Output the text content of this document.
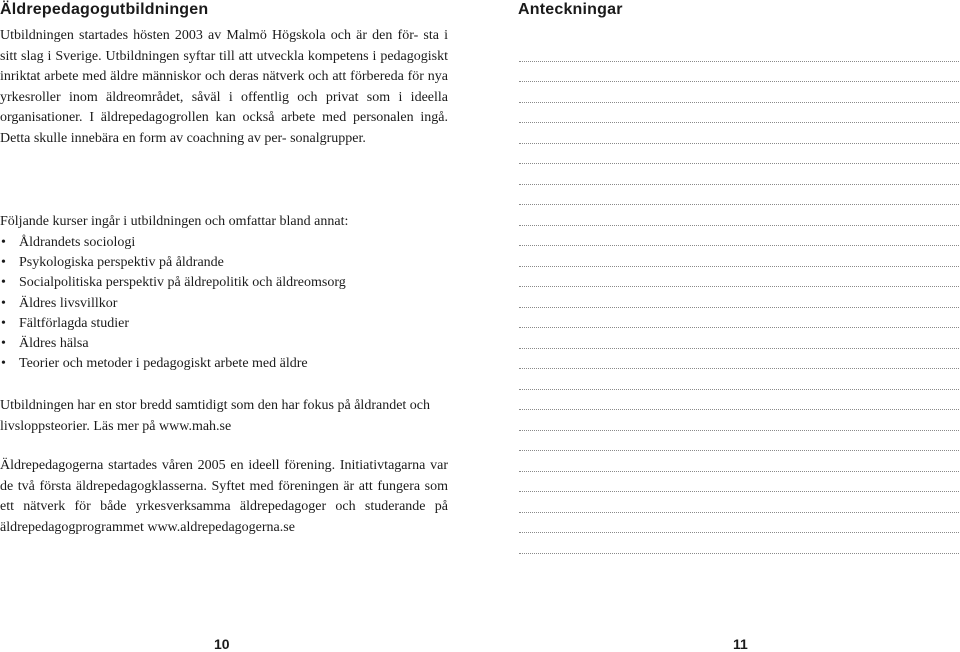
Äldrepedagogutbildningen

Utbildningen startades hösten 2003 av Malmö Högskola och är den för- sta i sitt slag i Sverige. Utbildningen syftar till att utveckla kompetens i pedagogiskt inriktat arbete med äldre människor och deras nätverk och att förbereda för nya yrkesroller inom äldreområdet, såväl i offentlig och privat som i ideella organisationer. I äldrepedagogrollen kan också arbete med personalen ingå. Detta skulle innebära en form av coachning av per- sonalgrupper.

Följande kurser ingår i utbildningen och omfattar bland annat:

• Åldrandets sociologi
• Psykologiska perspektiv på åldrande
• Socialpolitiska perspektiv på äldrepolitik och äldreomsorg
• Äldres livsvillkor
• Fältförlagda studier
• Äldres hälsa
• Teorier och metoder i pedagogiskt arbete med äldre

Utbildningen har en stor bredd samtidigt som den har fokus på åldrandet och livsloppsteorier. Läs mer på www.mah.se

Äldrepedagogerna startades våren 2005 en ideell förening. Initiativtagarna var de två första äldrepedagogklasserna. Syftet med föreningen är att fungera som ett nätverk för både yrkesverksamma äldrepedagoger och studerande på äldrepedagogprogrammet www.aldrepedagogerna.se

10
Anteckningar
11
